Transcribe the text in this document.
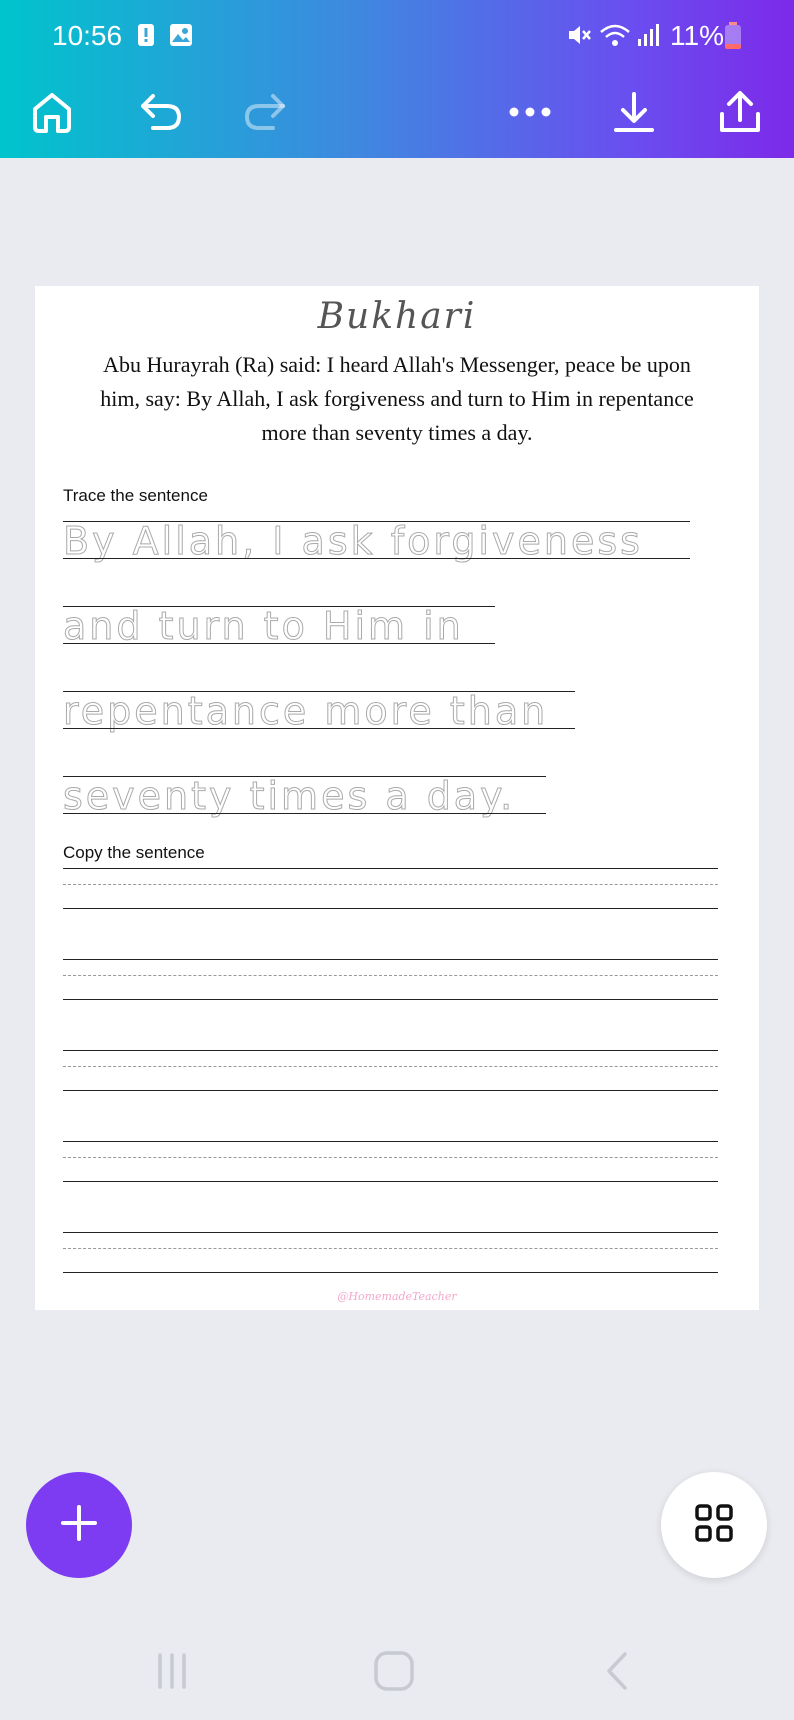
10:56	11%
Bukhari
Abu Hurayrah (Ra) said: I heard Allah's Messenger, peace be upon him, say: By Allah, I ask forgiveness and turn to Him in repentance more than seventy times a day.
Trace the sentence
By Allah, I ask forgiveness
and turn to Him in
repentance more than
seventy times a day.
Copy the sentence
@HomemadeTeacher
